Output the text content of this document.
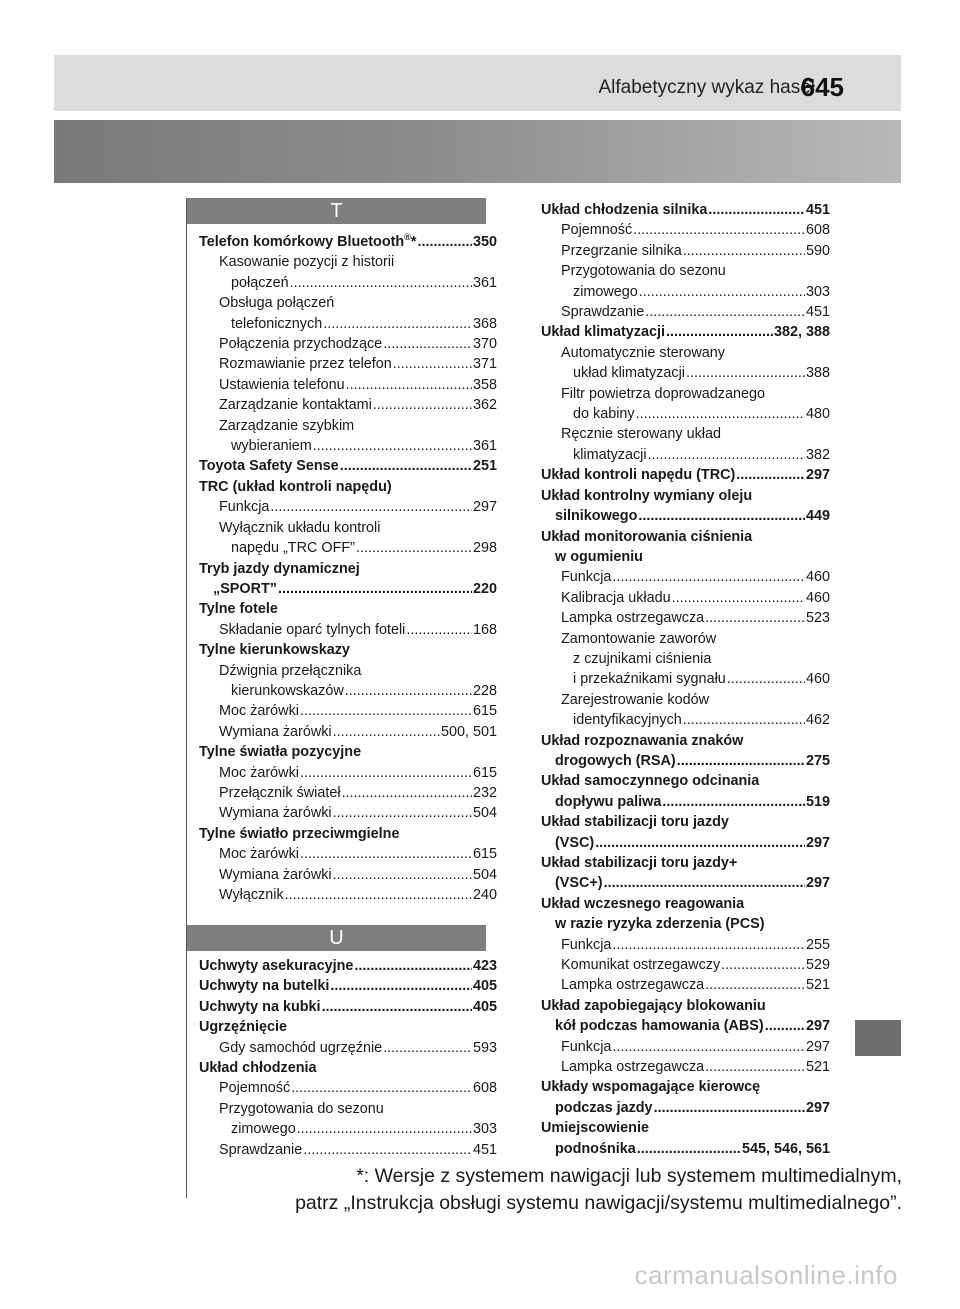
Alfabetyczny wykaz haseł
645
T
Telefon komórkowy Bluetooth®* .....	350
Kasowanie pozycji z historii
połączeń .....	361
Obsługa połączeń
telefonicznych .....	368
Połączenia przychodzące .....	370
Rozmawianie przez telefon .....	371
Ustawienia telefonu .....	358
Zarządzanie kontaktami .....	362
Zarządzanie szybkim
wybieraniem .....	361
Toyota Safety Sense .....	251
TRC (układ kontroli napędu)
Funkcja .....	297
Wyłącznik układu kontroli
napędu „TRC OFF” .....	298
Tryb jazdy dynamicznej
„SPORT” .....	220
Tylne fotele
Składanie oparć tylnych foteli .....	168
Tylne kierunkowskazy
Dźwignia przełącznika
kierunkowskazów .....	228
Moc żarówki .....	615
Wymiana żarówki .....	500, 501
Tylne światła pozycyjne
Moc żarówki .....	615
Przełącznik świateł .....	232
Wymiana żarówki .....	504
Tylne światło przeciwmgielne
Moc żarówki .....	615
Wymiana żarówki .....	504
Wyłącznik .....	240
U
Uchwyty asekuracyjne .....	423
Uchwyty na butelki .....	405
Uchwyty na kubki .....	405
Ugrzęźnięcie
Gdy samochód ugrzęźnie .....	593
Układ chłodzenia
Pojemność .....	608
Przygotowania do sezonu
zimowego .....	303
Sprawdzanie .....	451
Układ chłodzenia silnika .....	451
Pojemność .....	608
Przegrzanie silnika .....	590
Przygotowania do sezonu
zimowego .....	303
Sprawdzanie .....	451
Układ klimatyzacji .....	382, 388
Automatycznie sterowany
układ klimatyzacji .....	388
Filtr powietrza doprowadzanego
do kabiny .....	480
Ręcznie sterowany układ
klimatyzacji .....	382
Układ kontroli napędu (TRC) .....	297
Układ kontrolny wymiany oleju
silnikowego .....	449
Układ monitorowania ciśnienia
w ogumieniu
Funkcja .....	460
Kalibracja układu .....	460
Lampka ostrzegawcza .....	523
Zamontowanie zaworów
z czujnikami ciśnienia
i przekaźnikami sygnału .....	460
Zarejestrowanie kodów
identyfikacyjnych .....	462
Układ rozpoznawania znaków
drogowych (RSA) .....	275
Układ samoczynnego odcinania
dopływu paliwa .....	519
Układ stabilizacji toru jazdy
(VSC) .....	297
Układ stabilizacji toru jazdy+
(VSC+) .....	297
Układ wczesnego reagowania
w razie ryzyka zderzenia (PCS)
Funkcja .....	255
Komunikat ostrzegawczy .....	529
Lampka ostrzegawcza .....	521
Układ zapobiegający blokowaniu
kół podczas hamowania (ABS) .....	297
Funkcja .....	297
Lampka ostrzegawcza .....	521
Układy wspomagające kierowcę
podczas jazdy .....	297
Umiejscowienie
podnośnika .....	545, 546, 561
*: Wersje z systemem nawigacji lub systemem multimedialnym,
patrz „Instrukcja obsługi systemu nawigacji/systemu multimedialnego”.
carmanualsonline.info
